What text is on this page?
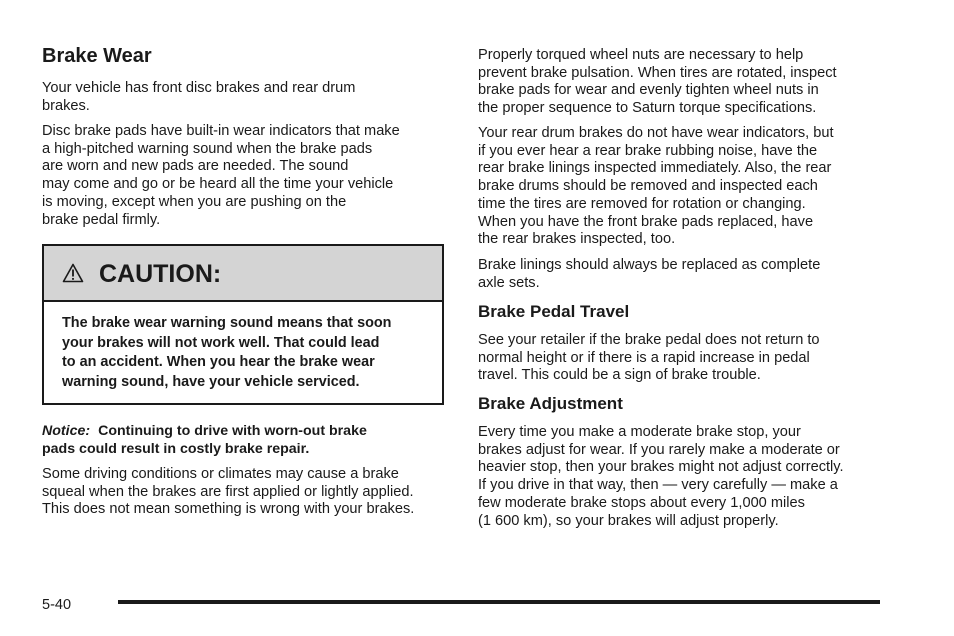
Brake Wear

Your vehicle has front disc brakes and rear drum
brakes.

Disc brake pads have built-in wear indicators that make
a high-pitched warning sound when the brake pads
are worn and new pads are needed. The sound
may come and go or be heard all the time your vehicle
is moving, except when you are pushing on the
brake pedal firmly.

CAUTION:
The brake wear warning sound means that soon
your brakes will not work well. That could lead
to an accident. When you hear the brake wear
warning sound, have your vehicle serviced.
Notice: Continuing to drive with worn-out brake
pads could result in costly brake repair.

Some driving conditions or climates may cause a brake
squeal when the brakes are first applied or lightly applied.
This does not mean something is wrong with your brakes.

Properly torqued wheel nuts are necessary to help
prevent brake pulsation. When tires are rotated, inspect
brake pads for wear and evenly tighten wheel nuts in
the proper sequence to Saturn torque specifications.

Your rear drum brakes do not have wear indicators, but
if you ever hear a rear brake rubbing noise, have the
rear brake linings inspected immediately. Also, the rear
brake drums should be removed and inspected each
time the tires are removed for rotation or changing.
When you have the front brake pads replaced, have
the rear brakes inspected, too.

Brake linings should always be replaced as complete
axle sets.

Brake Pedal Travel

See your retailer if the brake pedal does not return to
normal height or if there is a rapid increase in pedal
travel. This could be a sign of brake trouble.

Brake Adjustment

Every time you make a moderate brake stop, your
brakes adjust for wear. If you rarely make a moderate or
heavier stop, then your brakes might not adjust correctly.
If you drive in that way, then — very carefully — make a
few moderate brake stops about every 1,000 miles
(1 600 km), so your brakes will adjust properly.

5-40
